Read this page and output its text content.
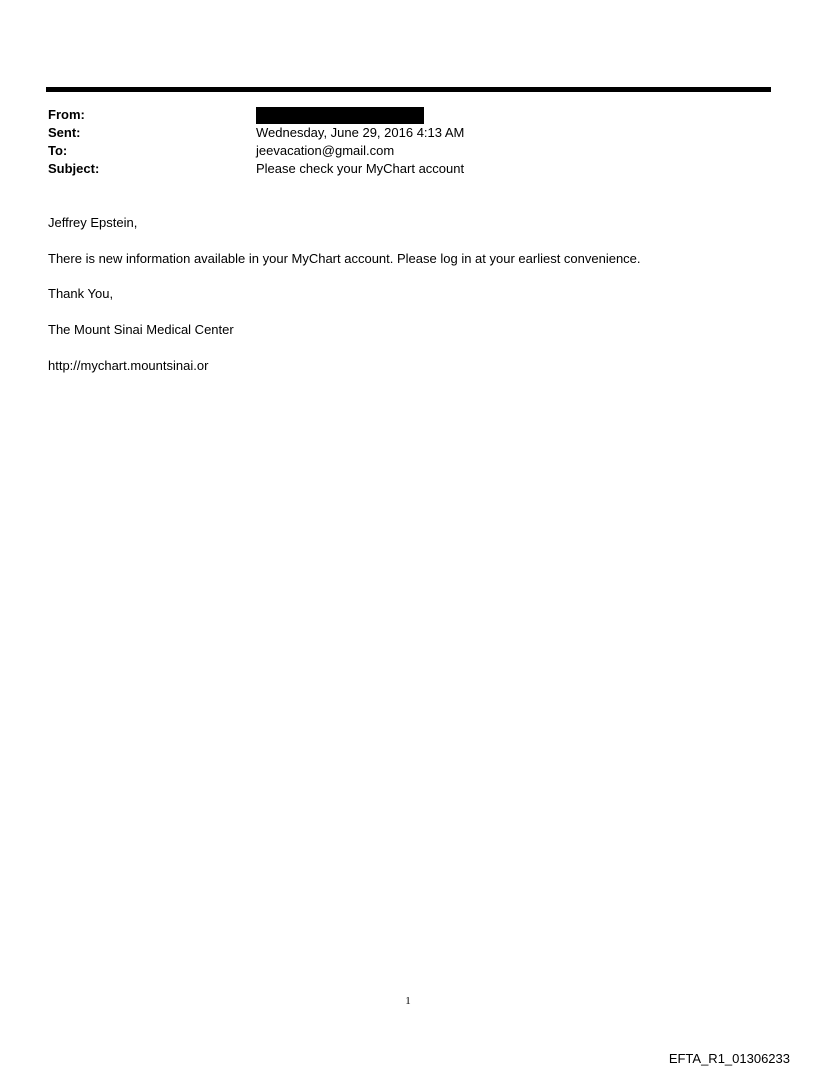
From:
Sent:	Wednesday, June 29, 2016 4:13 AM
To:	jeevacation@gmail.com
Subject:	Please check your MyChart account
Jeffrey Epstein,
There is new information available in your MyChart account. Please log in at your earliest convenience.
Thank You,
The Mount Sinai Medical Center
http://mychart.mountsinai.or
1
EFTA_R1_01306233
